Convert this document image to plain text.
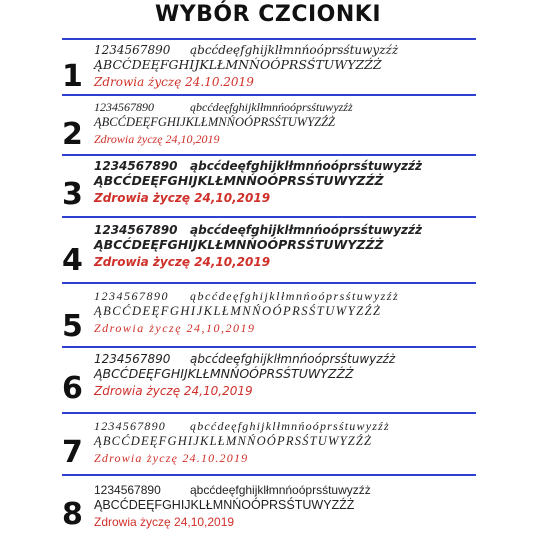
WYBÓR CZCIONKI
1
1234567890 ąbcćdeęfghijklłmnńoóprsśtuwyzźż
ĄBCĆDEĘFGHIJKLŁMNŃOÓPRSŚTUWYZŹŻ
Zdrowia życzę 24.10.2019
2
1234567890	ąbcćdeęfghijklłmnńoóprsśtuwyzźż
ĄBCĆDEĘFGHIJKLŁMNŃOÓPRSŚTUWYZŹŻ
Zdrowia życzę 24,10,2019
3
1234567890 ąbcćdeęfghijklłmnńoóprsśtuwyzźż
ĄBCĆDEĘFGHIJKLŁMNŃOÓPRSŚTUWYZŹŻ
Zdrowia życzę 24,10,2019
4
1234567890 ąbcćdeęfghijklłmnńoóprsśtuwyzźż
ĄBCĆDEĘFGHIJKLŁMNŃOÓPRSŚTUWYZŹŻ
Zdrowia życzę 24,10,2019
5
1234567890 ąbcćdeęfghijklłmnńoóprsśtuwyzźż
ĄBCĆDEĘFGHIJKLŁMNŃOÓPRSŚTUWYZŹŻ
Zdrowia życzę 24,10,2019
6
1234567890 ąbcćdeęfghijklłmnńoóprsśtuwyzźż
ĄBCĆDEĘFGHIJKLŁMNŃOÓPRSŚTUWYZŹŻ
Zdrowia życzę 24,10,2019
7
1234567890 ąbcćdeęfghijklłmnńoóprsśtuwyzźż
ĄBCĆDEĘFGHIJKLŁMNŃOÓPRSŚTUWYZŹŻ
Zdrowia życzę 24.10.2019
8
1234567890 ąbcćdeęfghijklłmnńoóprsśtuwyzźż
ĄBCĆDEĘFGHIJKLŁMNŃOÓPRSŚTUWYZŹŻ
Zdrowia życzę 24,10,2019
